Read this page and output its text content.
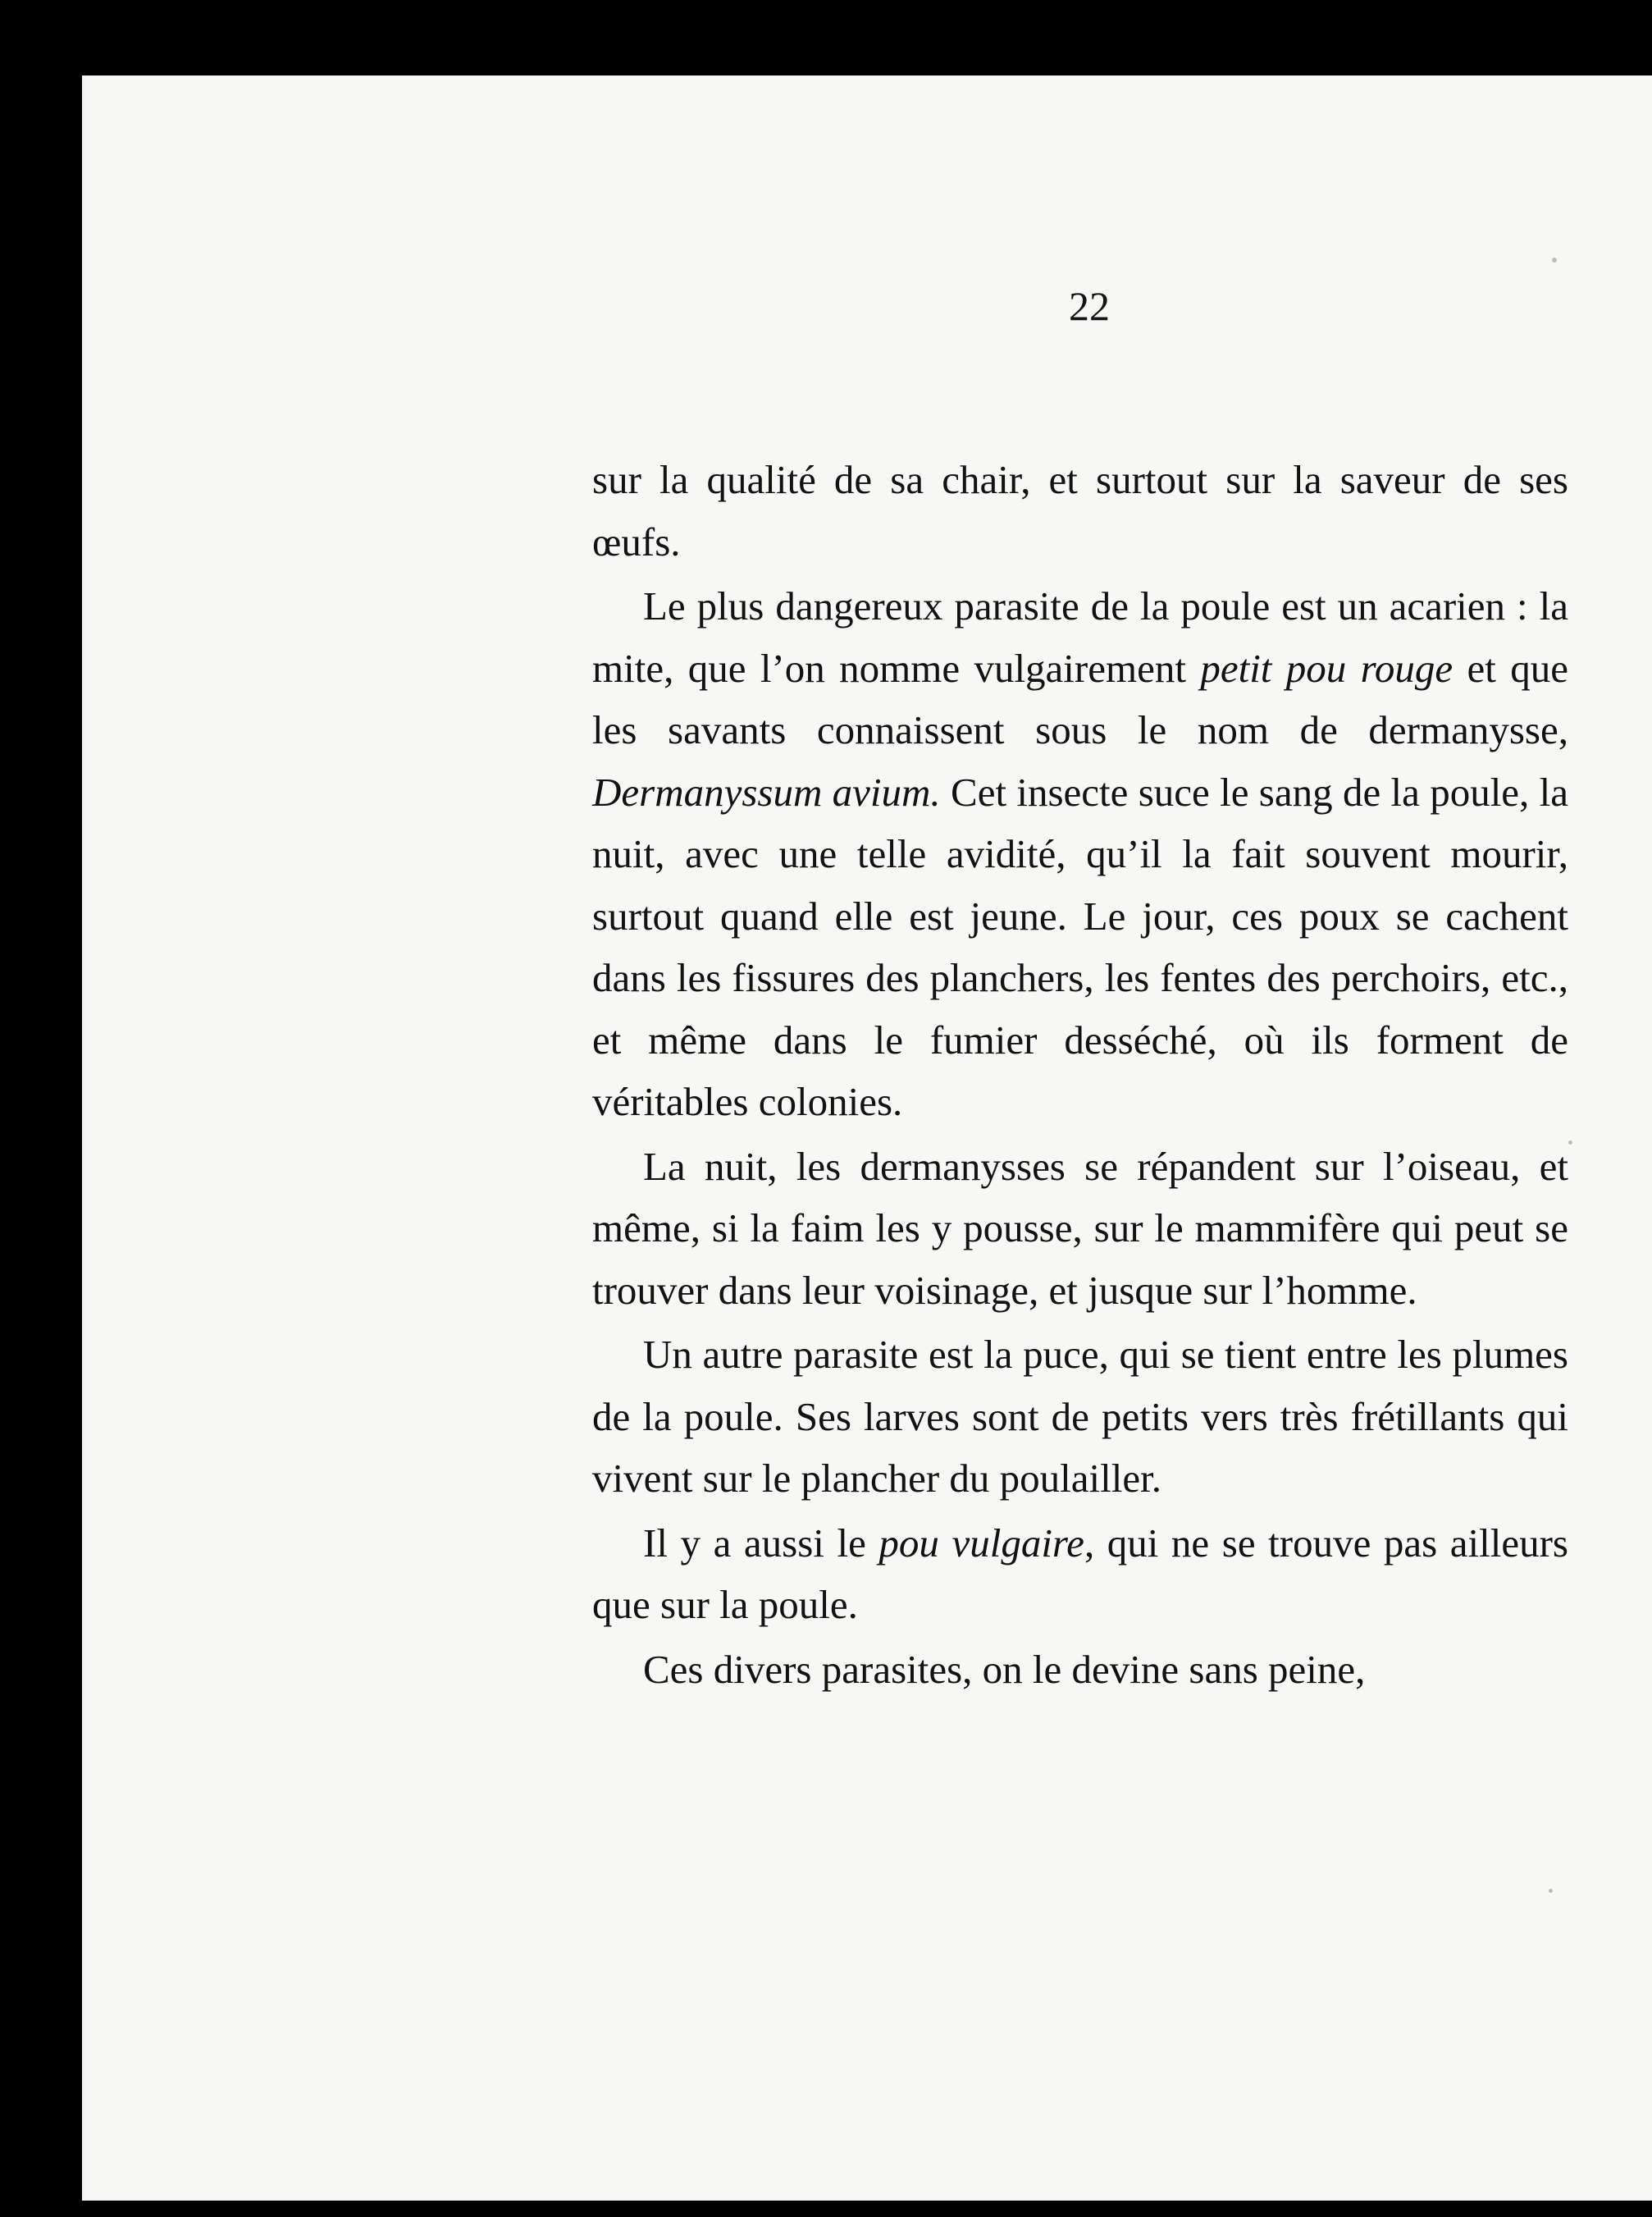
22

sur la qualité de sa chair, et surtout sur la saveur de ses œufs.

Le plus dangereux parasite de la poule est un acarien : la mite, que l’on nomme vulgairement petit pou rouge et que les savants connaissent sous le nom de dermanysse, Dermanyssum avium. Cet insecte suce le sang de la poule, la nuit, avec une telle avidité, qu’il la fait souvent mourir, surtout quand elle est jeune. Le jour, ces poux se cachent dans les fissures des planchers, les fentes des perchoirs, etc., et même dans le fumier desséché, où ils forment de véritables colonies.

La nuit, les dermanysses se répandent sur l’oiseau, et même, si la faim les y pousse, sur le mammifère qui peut se trouver dans leur voisinage, et jusque sur l’homme.

Un autre parasite est la puce, qui se tient entre les plumes de la poule. Ses larves sont de petits vers très frétillants qui vivent sur le plancher du poulailler.

Il y a aussi le pou vulgaire, qui ne se trouve pas ailleurs que sur la poule.

Ces divers parasites, on le devine sans peine,
